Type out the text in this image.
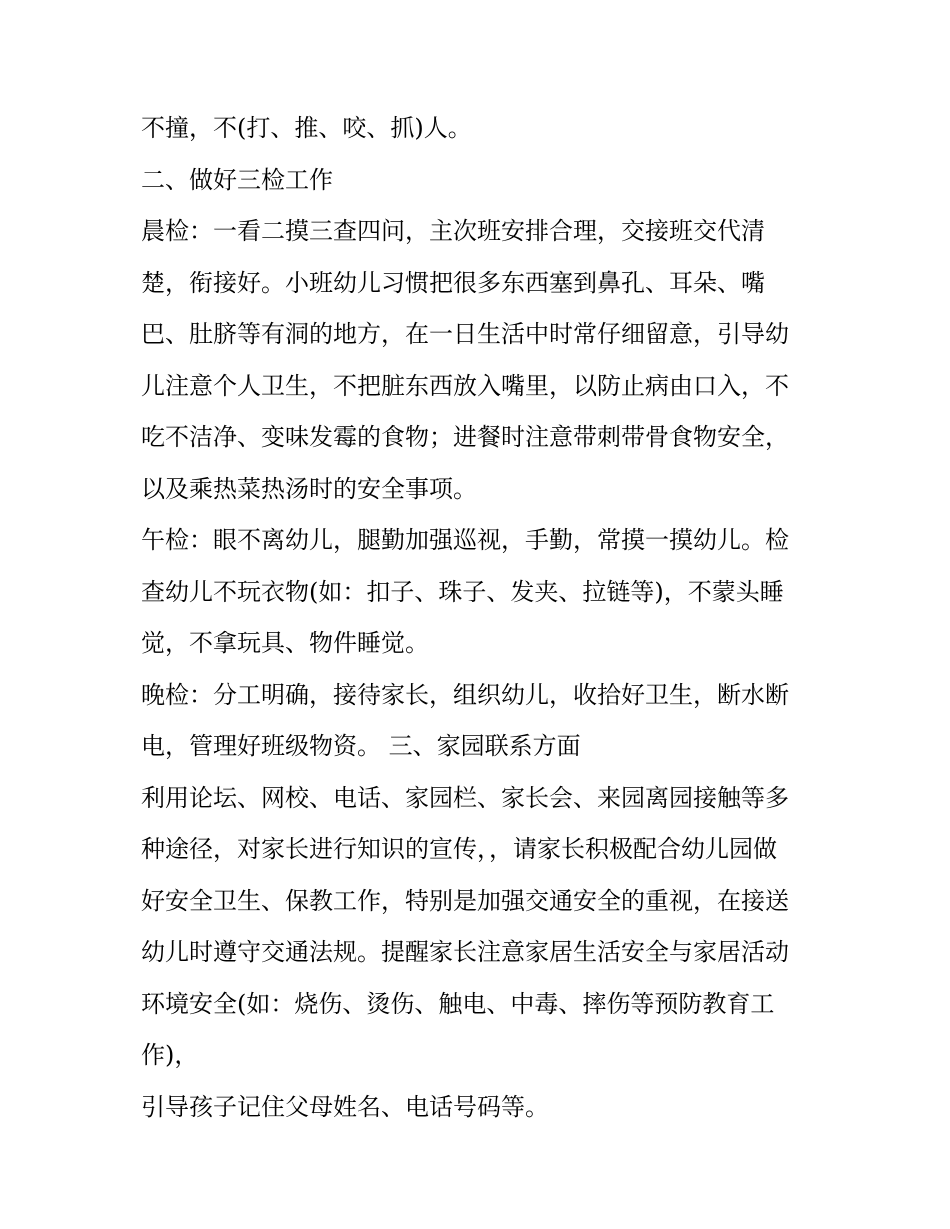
不撞，不(打、推、咬、抓)人。
二、做好三检工作
晨检：一看二摸三查四问，主次班安排合理，交接班交代清
楚，衔接好。小班幼儿习惯把很多东西塞到鼻孔、耳朵、嘴
巴、肚脐等有洞的地方，在一日生活中时常仔细留意，引导幼
儿注意个人卫生，不把脏东西放入嘴里，以防止病由口入，不
吃不洁净、变味发霉的食物；进餐时注意带刺带骨食物安全，
以及乘热菜热汤时的安全事项。
午检：眼不离幼儿，腿勤加强巡视，手勤，常摸一摸幼儿。检
查幼儿不玩衣物(如：扣子、珠子、发夹、拉链等)，不蒙头睡
觉，不拿玩具、物件睡觉。
晚检：分工明确，接待家长，组织幼儿，收拾好卫生，断水断
电，管理好班级物资。 三、家园联系方面
利用论坛、网校、电话、家园栏、家长会、来园离园接触等多
种途径，对家长进行知识的宣传，，请家长积极配合幼儿园做
好安全卫生、保教工作，特别是加强交通安全的重视，在接送
幼儿时遵守交通法规。提醒家长注意家居生活安全与家居活动
环境安全(如：烧伤、烫伤、触电、中毒、摔伤等预防教育工
作)，
引导孩子记住父母姓名、电话号码等。
